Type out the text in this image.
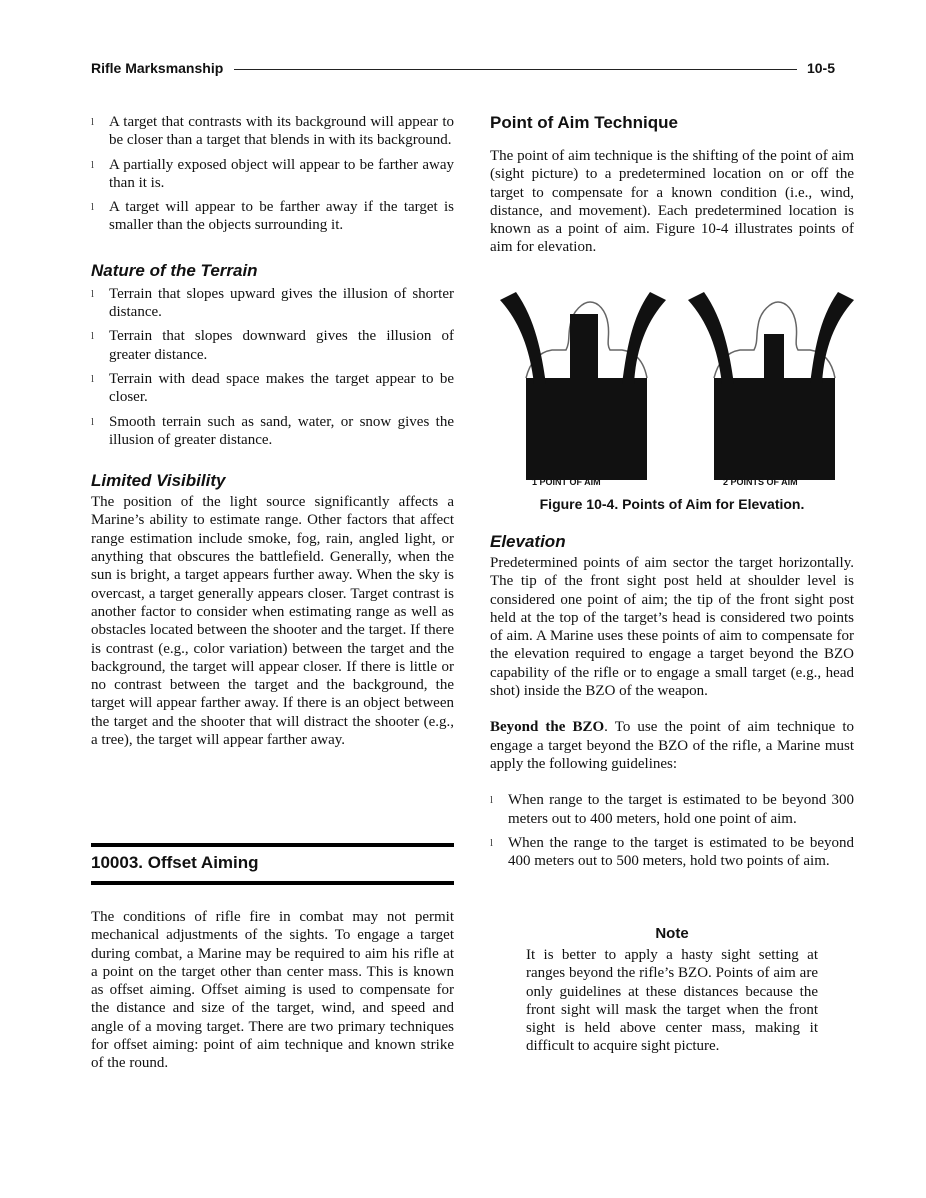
Rifle Marksmanship	10-5
l A target that contrasts with its background will appear to be closer than a target that blends in with its background.
l A partially exposed object will appear to be farther away than it is.
l A target will appear to be farther away if the target is smaller than the objects surrounding it.
Nature of the Terrain
l Terrain that slopes upward gives the illusion of shorter distance.
l Terrain that slopes downward gives the illusion of greater distance.
l Terrain with dead space makes the target appear to be closer.
l Smooth terrain such as sand, water, or snow gives the illusion of greater distance.
Limited Visibility

The position of the light source significantly affects a Marine’s ability to estimate range. Other factors that affect range estimation include smoke, fog, rain, angled light, or anything that obscures the battlefield. Generally, when the sun is bright, a target appears further away. When the sky is overcast, a target generally appears closer. Target contrast is another factor to consider when estimating range as well as obstacles located between the shooter and the target. If there is contrast (e.g., color variation) between the target and the background, the target will appear closer. If there is little or no contrast between the target and the background, the target will appear farther away. If there is an object between the target and the shooter that will distract the shooter (e.g., a tree), the target will appear farther away.

10003. Offset Aiming

The conditions of rifle fire in combat may not permit mechanical adjustments of the sights. To engage a target during combat, a Marine may be required to aim his rifle at a point on the target other than center mass. This is known as offset aiming. Offset aiming is used to compensate for the distance and size of the target, wind, and speed and angle of a moving target. There are two primary techniques for offset aiming: point of aim technique and known strike of the round.

Point of Aim Technique

The point of aim technique is the shifting of the point of aim (sight picture) to a predetermined location on or off the target to compensate for a known condition (i.e., wind, distance, and movement). Each predetermined location is known as a point of aim. Figure 10-4 illustrates points of aim for elevation.

1 POINT OF AIM	2 POINTS OF AIM
Figure 10-4. Points of Aim for Elevation.
Elevation

Predetermined points of aim sector the target horizontally. The tip of the front sight post held at shoulder level is considered one point of aim; the tip of the front sight post held at the top of the target’s head is considered two points of aim. A Marine uses these points of aim to compensate for the elevation required to engage a target beyond the BZO capability of the rifle or to engage a small target (e.g., head shot) inside the BZO of the weapon.

Beyond the BZO. To use the point of aim technique to engage a target beyond the BZO of the rifle, a Marine must apply the following guidelines:

l When range to the target is estimated to be beyond 300 meters out to 400 meters, hold one point of aim.
l When the range to the target is estimated to be beyond 400 meters out to 500 meters, hold two points of aim.
Note
It is better to apply a hasty sight setting at ranges beyond the rifle’s BZO. Points of aim are only guidelines at these distances because the front sight will mask the target when the front sight is held above center mass, making it difficult to acquire sight picture.
